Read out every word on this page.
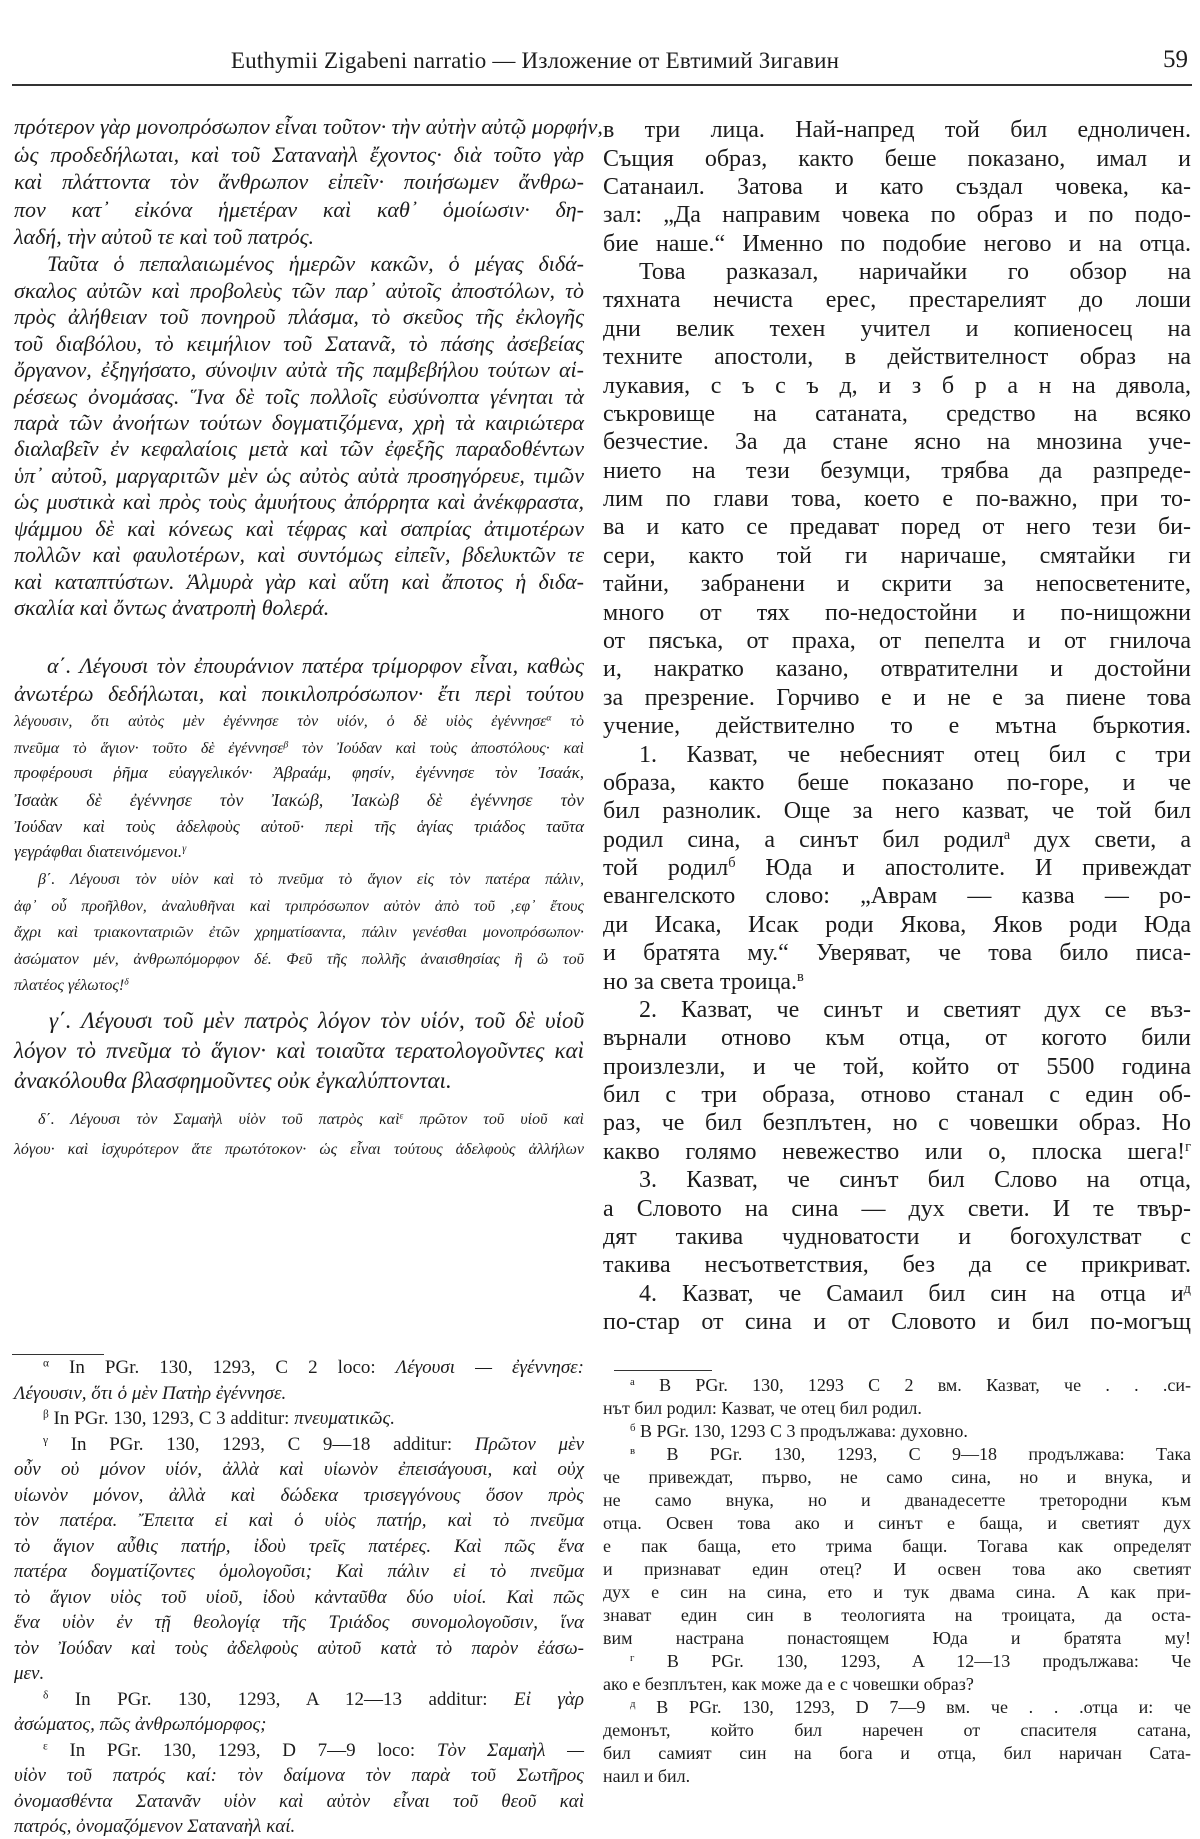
Euthymii Zigabeni narratio — Изложение от Евтимий Зигавин	59
πρότερον γὰρ μονοπρόσωπον εἶναι τοῦτον· τὴν αὐτὴν αὐτῷ μορφήν,
ὡς προδεδήλωται, καὶ τοῦ Σαταναὴλ ἔχοντος· διὰ τοῦτο γὰρ
καὶ πλάττοντα τὸν ἄνθρωπον εἰπεῖν· ποιήσωμεν ἄνθρω-
πον κατ᾽ εἰκόνα ἡμετέραν καὶ καθ᾽ ὁμοίωσιν· δη-
λαδή, τὴν αὐτοῦ τε καὶ τοῦ πατρός.
Ταῦτα ὁ πεπαλαιωμένος ἡμερῶν κακῶν, ὁ μέγας διδά-
σκαλος αὐτῶν καὶ προβολεὺς τῶν παρ᾽ αὐτοῖς ἀποστόλων, τὸ
πρὸς ἀλήθειαν τοῦ πονηροῦ πλάσμα, τὸ σκεῦος τῆς ἐκλογῆς
τοῦ διαβόλου, τὸ κειμήλιον τοῦ Σατανᾶ, τὸ πάσης ἀσεβείας
ὄργανον, ἐξηγήσατο, σύνοψιν αὐτὰ τῆς παμβεβήλου τούτων αἱ-
ρέσεως ὀνομάσας. Ἵνα δὲ τοῖς πολλοῖς εὐσύνοπτα γένηται τὰ
παρὰ τῶν ἀνοήτων τούτων δογματιζόμενα, χρὴ τὰ καιριώτερα
διαλαβεῖν ἐν κεφαλαίοις μετὰ καὶ τῶν ἐφεξῆς παραδοθέντων
ὑπ᾽ αὐτοῦ, μαργαριτῶν μὲν ὡς αὐτὸς αὐτὰ προσηγόρευε, τιμῶν
ὡς μυστικὰ καὶ πρὸς τοὺς ἀμυήτους ἀπόρρητα καὶ ἀνέκφραστα,
ψάμμου δὲ καὶ κόνεως καὶ τέφρας καὶ σαπρίας ἀτιμοτέρων
πολλῶν καὶ φαυλοτέρων, καὶ συντόμως εἰπεῖν, βδελυκτῶν τε
καὶ καταπτύστων. Ἁλμυρὰ γὰρ καὶ αὕτη καὶ ἄποτος ἡ διδα-
σκαλία καὶ ὄντως ἀνατροπὴ θολερά.
α΄. Λέγουσι τὸν ἐπουράνιον πατέρα τρίμορφον εἶναι, καθὼς
ἀνωτέρω δεδήλωται, καὶ ποικιλοπρόσωπον· ἔτι περὶ τούτου
λέγουσιν, ὅτι αὐτὸς μὲν ἐγέννησε τὸν υἱόν, ὁ δὲ υἱὸς ἐγέννησε$^\alpha$ τὸ
πνεῦμα τὸ ἅγιον· τοῦτο δὲ ἐγέννησε$^\beta$ τὸν Ἰούδαν καὶ τοὺς ἀποστόλους· καὶ
προφέρουσι ῥῆμα εὐαγγελικόν· Ἀβραάμ, φησίν, ἐγέννησε τὸν Ἰσαάκ,
Ἰσαὰκ δὲ ἐγέννησε τὸν Ἰακώβ, Ἰακὼβ δὲ ἐγέννησε τὸν
Ἰούδαν καὶ τοὺς ἀδελφοὺς αὐτοῦ· περὶ τῆς ἁγίας τριάδος ταῦτα
γεγράφθαι διατεινόμενοι.$^\gamma$
β΄. Λέγουσι τὸν υἱὸν καὶ τὸ πνεῦμα τὸ ἅγιον εἰς τὸν πατέρα πάλιν,
ἀφ᾽ οὗ προῆλθον, ἀναλυθῆναι καὶ τριπρόσωπον αὐτὸν ἀπὸ τοῦ ‚εφ᾽ ἔτους
ἄχρι καὶ τριακοντατριῶν ἐτῶν χρηματίσαντα, πάλιν γενέσθαι μονοπρόσωπον·
ἀσώματον μέν, ἀνθρωπόμορφον δέ. Φεῦ τῆς πολλῆς ἀναισθησίας ἢ ὢ τοῦ
πλατέος γέλωτος!$^\delta$
γ΄. Λέγουσι τοῦ μὲν πατρὸς λόγον τὸν υἱόν, τοῦ δὲ υἱοῦ
λόγον τὸ πνεῦμα τὸ ἅγιον· καὶ τοιαῦτα τερατολογοῦντες καὶ
ἀνακόλουθα βλασφημοῦντες οὐκ ἐγκαλύπτονται.
δ΄. Λέγουσι τὸν Σαμαὴλ υἱὸν τοῦ πατρὸς καὶ$^\varepsilon$ πρῶτον τοῦ υἱοῦ καὶ
λόγου· καὶ ἰσχυρότερον ἅτε πρωτότοκον· ὡς εἶναι τούτους ἀδελφοὺς ἀλλήλων
в три лица. Най-напред той бил едноличен.
Същия образ, както беше показано, имал и
Сатанаил. Затова и като създал човека, ка-
зал: „Да направим човека по образ и по подо-
бие наше.“ Именно по подобие негово и на отца.
Това разказал, наричайки го обзор на
тяхната нечиста ерес, престарелият до лоши
дни велик техен учител и копиеносец на
техните апостоли, в действителност образ на
лукавия, с ъ с ъ д, и з б р а н на дявола,
съкровище на сатаната, средство на всяко
безчестие. За да стане ясно на мнозина уче-
нието на тези безумци, трябва да разпреде-
лим по глави това, което е по-важно, при то-
ва и като се предават поред от него тези би-
сери, както той ги наричаше, смятайки ги
тайни, забранени и скрити за непосветените,
много от тях по-недостойни и по-нищожни
от пясъка, от праха, от пепелта и от гнилоча
и, накратко казано, отвратителни и достойни
за презрение. Горчиво е и не е за пиене това
учение, действително то е мътна бъркотия.
1. Казват, че небесният отец бил с три
образа, както беше показано по-горе, и че
бил разнолик. Още за него казват, че той бил
родил сина, а синът бил родил$^а$ дух свети, а
той родил$^б$ Юда и апостолите. И привеждат
евангелското слово: „Аврам — казва — ро-
ди Исака, Исак роди Якова, Яков роди Юда
и братята му.“ Уверяват, че това било писа-
но за света троица.$^в$
2. Казват, че синът и светият дух се въз-
върнали отново към отца, от когото били
произлезли, и че той, който от 5500 година
бил с три образа, отново станал с един об-
раз, че бил безплътен, но с човешки образ. Но
какво голямо невежество или о, плоска шега!$^г$
3. Казват, че синът бил Слово на отца,
а Словото на сина — дух свети. И те твър-
дят такива чудноватости и богохулстват с
такива несъответствия, без да се прикриват.
4. Казват, че Самаил бил син на отца $и^д$
по-стар от сина и от Словото и бил по-могъщ
$^\alpha$ In PGr. 130, 1293, C 2 loco: Λέγουσι — ἐγέννησε:
Λέγουσιν, ὅτι ὁ μὲν Πατὴρ ἐγέννησε.
$^\beta$ In PGr. 130, 1293, C 3 additur: πνευματικῶς.
$^\gamma$ In PGr. 130, 1293, C 9—18 additur: Πρῶτον μὲν
οὖν οὐ μόνον υἱόν, ἀλλὰ καὶ υἱωνὸν ἐπεισάγουσι, καὶ οὐχ
υἱωνὸν μόνον, ἀλλὰ καὶ δώδεκα τρισεγγόνους ὅσον πρὸς
τὸν πατέρα. Ἔπειτα εἰ καὶ ὁ υἱὸς πατήρ, καὶ τὸ πνεῦμα
τὸ ἅγιον αὖθις πατήρ, ἰδοὺ τρεῖς πατέρες. Καὶ πῶς ἕνα
πατέρα δογματίζοντες ὁμολογοῦσι; Καὶ πάλιν εἰ τὸ πνεῦμα
τὸ ἅγιον υἱὸς τοῦ υἱοῦ, ἰδοὺ κἀνταῦθα δύο υἱοί. Καὶ πῶς
ἕνα υἱὸν ἐν τῇ θεολογίᾳ τῆς Τριάδος συνομολογοῦσιν, ἵνα
τὸν Ἰούδαν καὶ τοὺς ἀδελφοὺς αὐτοῦ κατὰ τὸ παρὸν ἐάσω-
μεν.
$^\delta$ In PGr. 130, 1293, A 12—13 additur: Εἰ γὰρ
ἀσώματος, πῶς ἀνθρωπόμορφος;
$^\varepsilon$ In PGr. 130, 1293, D 7—9 loco: Τὸν Σαμαὴλ —
υἱὸν τοῦ πατρός καί: τὸν δαίμονα τὸν παρὰ τοῦ Σωτῆρος
ὀνομασθέντα Σατανᾶν υἱὸν καὶ αὐτὸν εἶναι τοῦ θεοῦ καὶ
πατρός, ὀνομαζόμενον Σαταναὴλ καί.
$^а$ В PGr. 130, 1293 C 2 вм. Казват, че . . .си-
нът бил родил: Казват, че отец бил родил.
$^б$ В PGr. 130, 1293 C 3 продължава: духовно.
$^в$ В PGr. 130, 1293, C 9—18 продължава: Така
че привеждат, първо, не само сина, но и внука, и
не само внука, но и дванадесетте третородни към
отца. Освен това ако и синът е баща, и светият дух
е пак баща, ето трима бащи. Тогава как определят
и признават един отец? И освен това ако светият
дух е син на сина, ето и тук двама сина. А как при-
знават един син в теологията на троицата, да оста-
вим настрана понастоящем Юда и братята му!
$^г$ В PGr. 130, 1293, A 12—13 продължава: Че
ако е безплътен, как може да е с човешки образ?
$^д$ В PGr. 130, 1293, D 7—9 вм. че . . .отца и: че
демонът, който бил наречен от спасителя сатана,
бил самият син на бога и отца, бил наричан Сата-
наил и бил.
